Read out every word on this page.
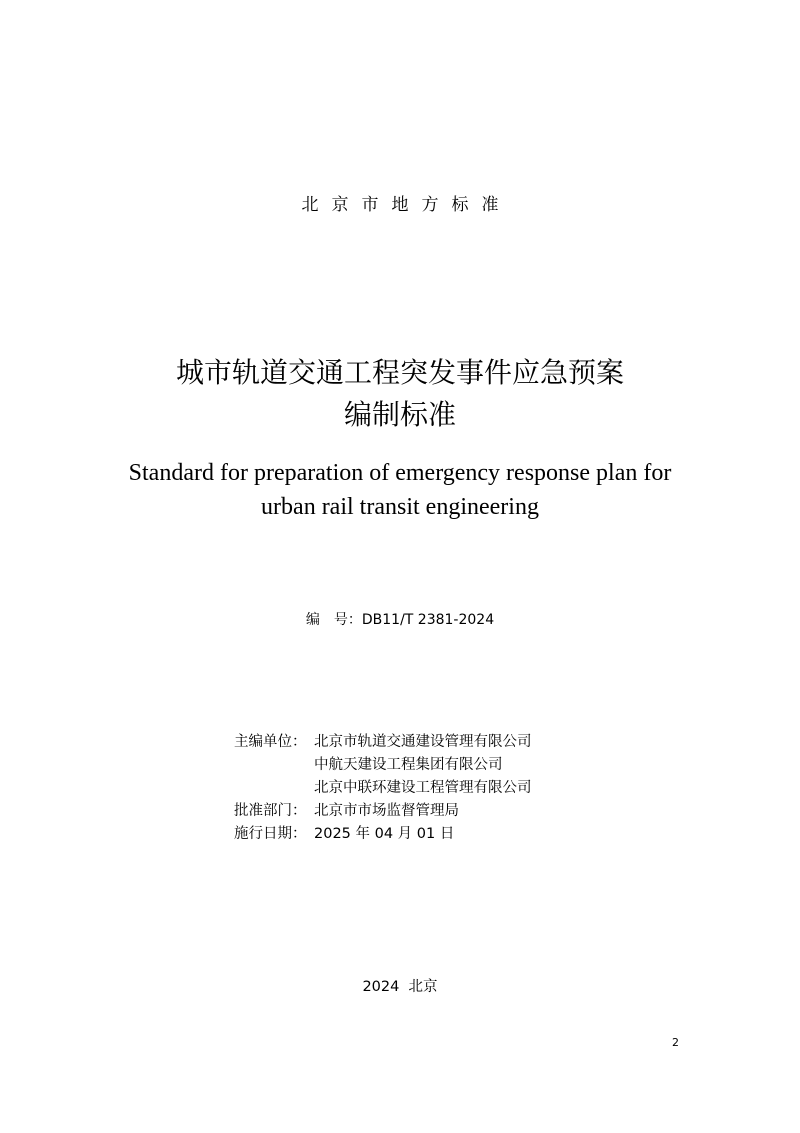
北京市地方标准
城市轨道交通工程突发事件应急预案
编制标准
Standard for preparation of emergency response plan for
urban rail transit engineering
编　号：DB11/T 2381-2024
主编单位： 北京市轨道交通建设管理有限公司
中航天建设工程集团有限公司
北京中联环建设工程管理有限公司
批准部门： 北京市市场监督管理局
施行日期： 2025 年 04 月 01 日
2024  北京
2
